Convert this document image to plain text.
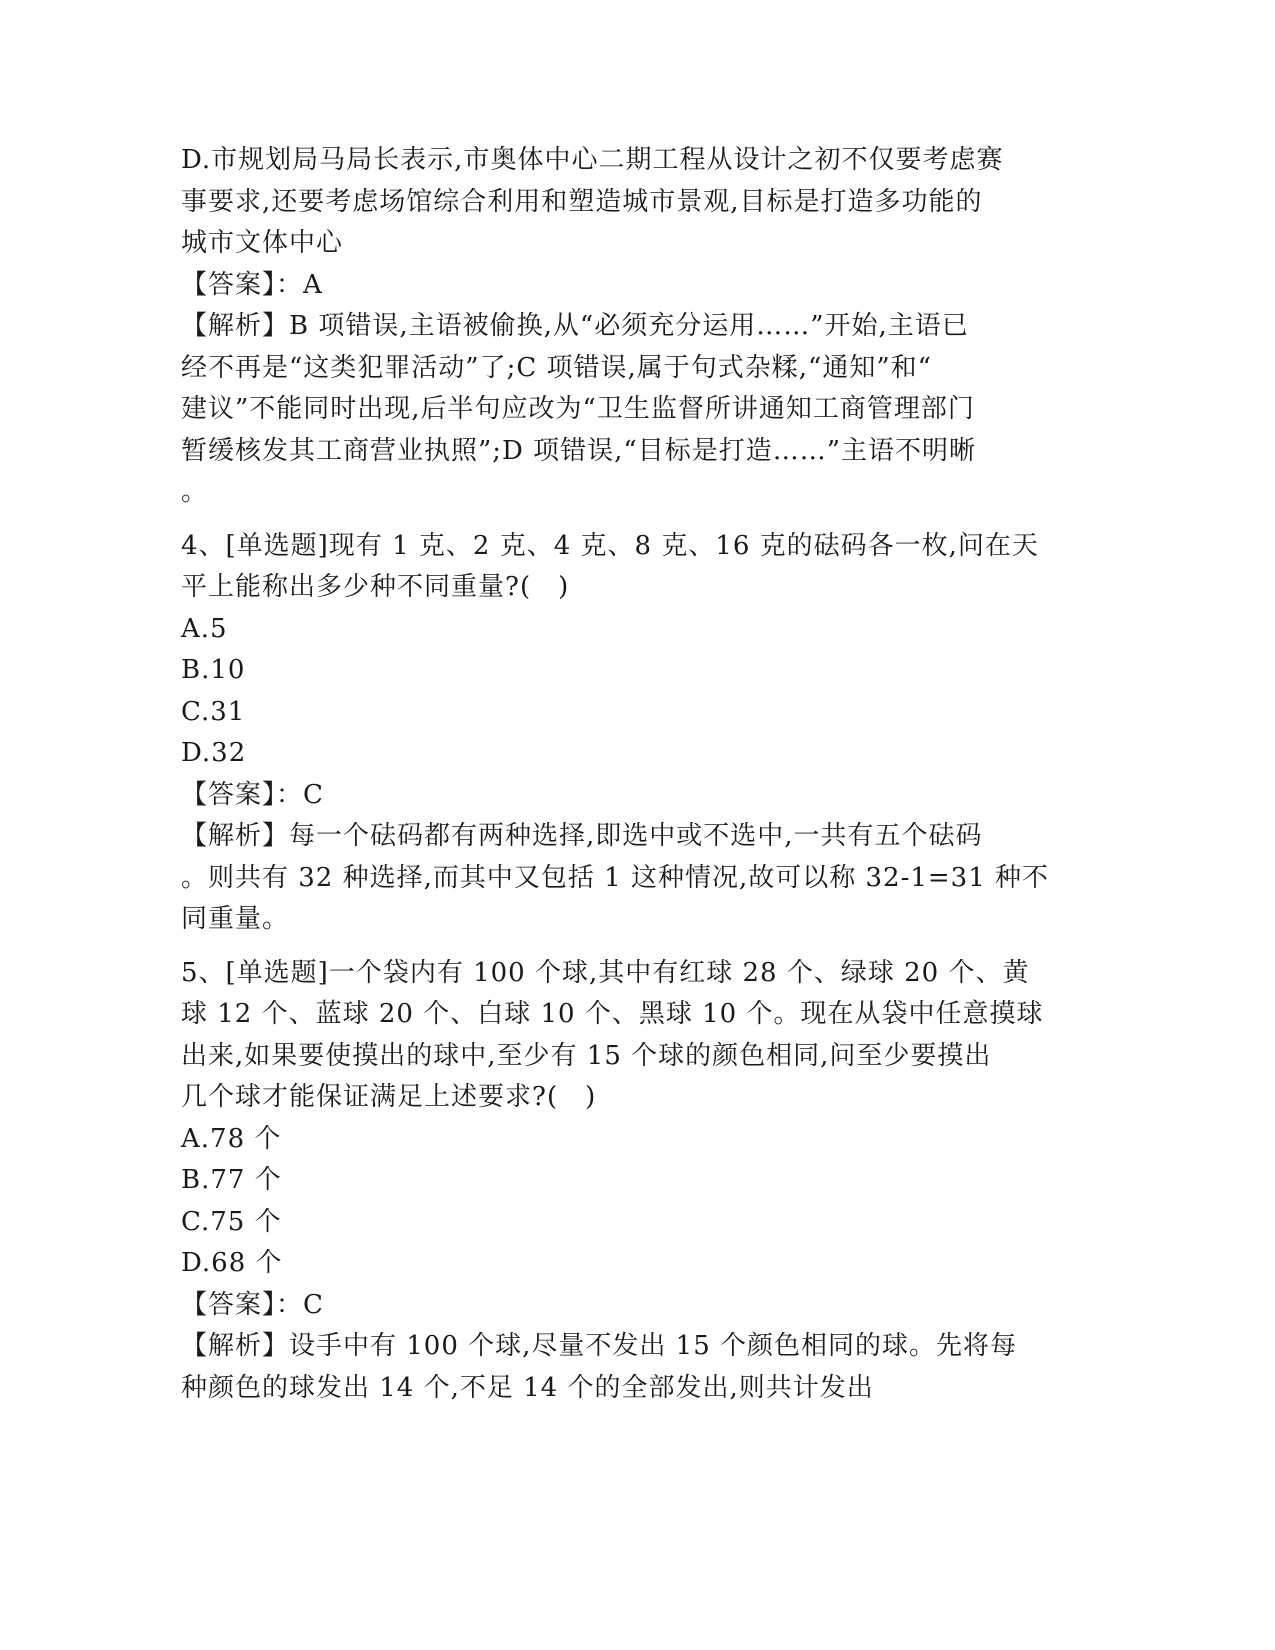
D.市规划局马局长表示,市奥体中心二期工程从设计之初不仅要考虑赛
事要求,还要考虑场馆综合利用和塑造城市景观,目标是打造多功能的
城市文体中心
【答案】：A
【解析】B 项错误,主语被偷换,从“必须充分运用……”开始,主语已
经不再是“这类犯罪活动”了;C 项错误,属于句式杂糅,“通知”和“
建议”不能同时出现,后半句应改为“卫生监督所讲通知工商管理部门
暂缓核发其工商营业执照”;D 项错误,“目标是打造……”主语不明晰
。
4、[单选题]现有 1 克、2 克、4 克、8 克、16 克的砝码各一枚,问在天
平上能称出多少种不同重量?(　)
A.5
B.10
C.31
D.32
【答案】：C
【解析】每一个砝码都有两种选择,即选中或不选中,一共有五个砝码
。则共有 32 种选择,而其中又包括 1 这种情况,故可以称 32-1=31 种不
同重量。
5、[单选题]一个袋内有 100 个球,其中有红球 28 个、绿球 20 个、黄
球 12 个、蓝球 20 个、白球 10 个、黑球 10 个。现在从袋中任意摸球
出来,如果要使摸出的球中,至少有 15 个球的颜色相同,问至少要摸出
几个球才能保证满足上述要求?(　)
A.78 个
B.77 个
C.75 个
D.68 个
【答案】：C
【解析】设手中有 100 个球,尽量不发出 15 个颜色相同的球。先将每
种颜色的球发出 14 个,不足 14 个的全部发出,则共计发出
